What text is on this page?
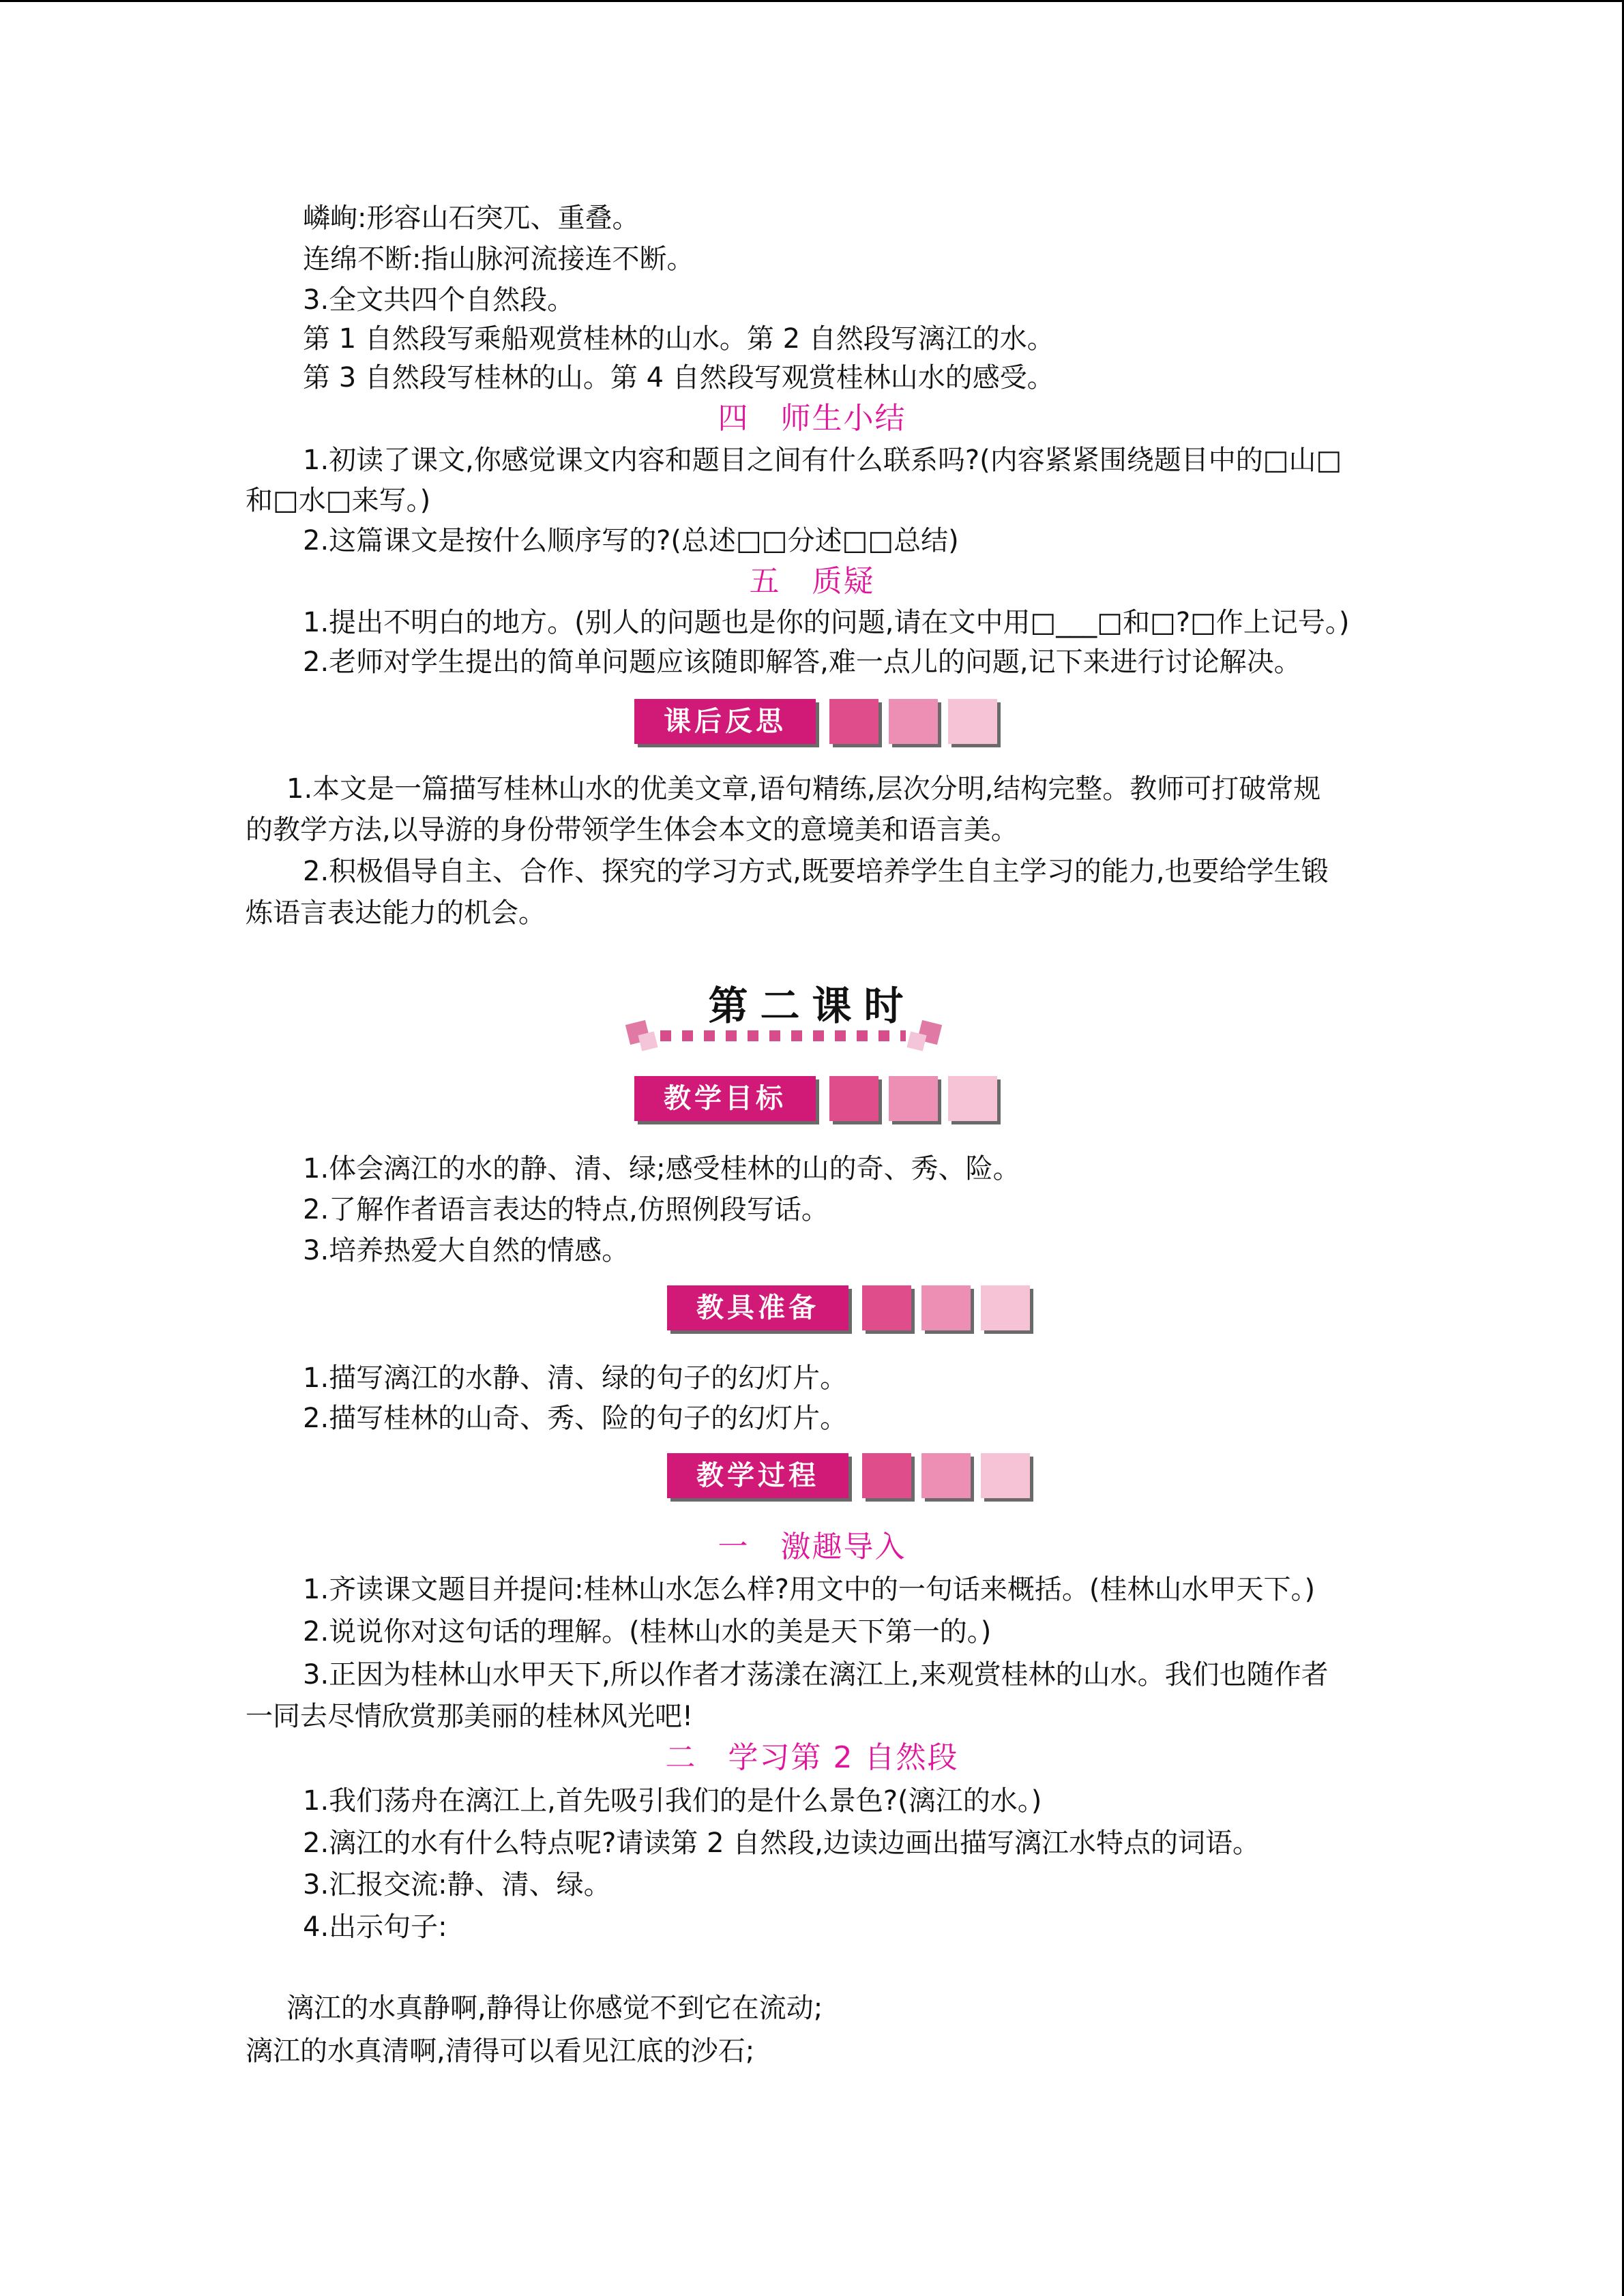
嶙峋:形容山石突兀、重叠。
连绵不断:指山脉河流接连不断。
3.全文共四个自然段。
第 1 自然段写乘船观赏桂林的山水。第 2 自然段写漓江的水。
第 3 自然段写桂林的山。第 4 自然段写观赏桂林山水的感受。
四　师生小结
1.初读了课文,你感觉课文内容和题目之间有什么联系吗?(内容紧紧围绕题目中的□山□
和□水□来写。)
2.这篇课文是按什么顺序写的?(总述□□分述□□总结)
五　质疑
1.提出不明白的地方。(别人的问题也是你的问题,请在文中用□___□和□?□作上记号。)
2.老师对学生提出的简单问题应该随即解答,难一点儿的问题,记下来进行讨论解决。
课后反思
1.本文是一篇描写桂林山水的优美文章,语句精练,层次分明,结构完整。教师可打破常规
的教学方法,以导游的身份带领学生体会本文的意境美和语言美。
2.积极倡导自主、合作、探究的学习方式,既要培养学生自主学习的能力,也要给学生锻
炼语言表达能力的机会。
第二课时
教学目标
1.体会漓江的水的静、清、绿;感受桂林的山的奇、秀、险。
2.了解作者语言表达的特点,仿照例段写话。
3.培养热爱大自然的情感。
教具准备
1.描写漓江的水静、清、绿的句子的幻灯片。
2.描写桂林的山奇、秀、险的句子的幻灯片。
教学过程
一　激趣导入
1.齐读课文题目并提问:桂林山水怎么样?用文中的一句话来概括。(桂林山水甲天下。)
2.说说你对这句话的理解。(桂林山水的美是天下第一的。)
3.正因为桂林山水甲天下,所以作者才荡漾在漓江上,来观赏桂林的山水。我们也随作者
一同去尽情欣赏那美丽的桂林风光吧!
二　学习第 2 自然段
1.我们荡舟在漓江上,首先吸引我们的是什么景色?(漓江的水。)
2.漓江的水有什么特点呢?请读第 2 自然段,边读边画出描写漓江水特点的词语。
3.汇报交流:静、清、绿。
4.出示句子:
漓江的水真静啊,静得让你感觉不到它在流动;
漓江的水真清啊,清得可以看见江底的沙石;
